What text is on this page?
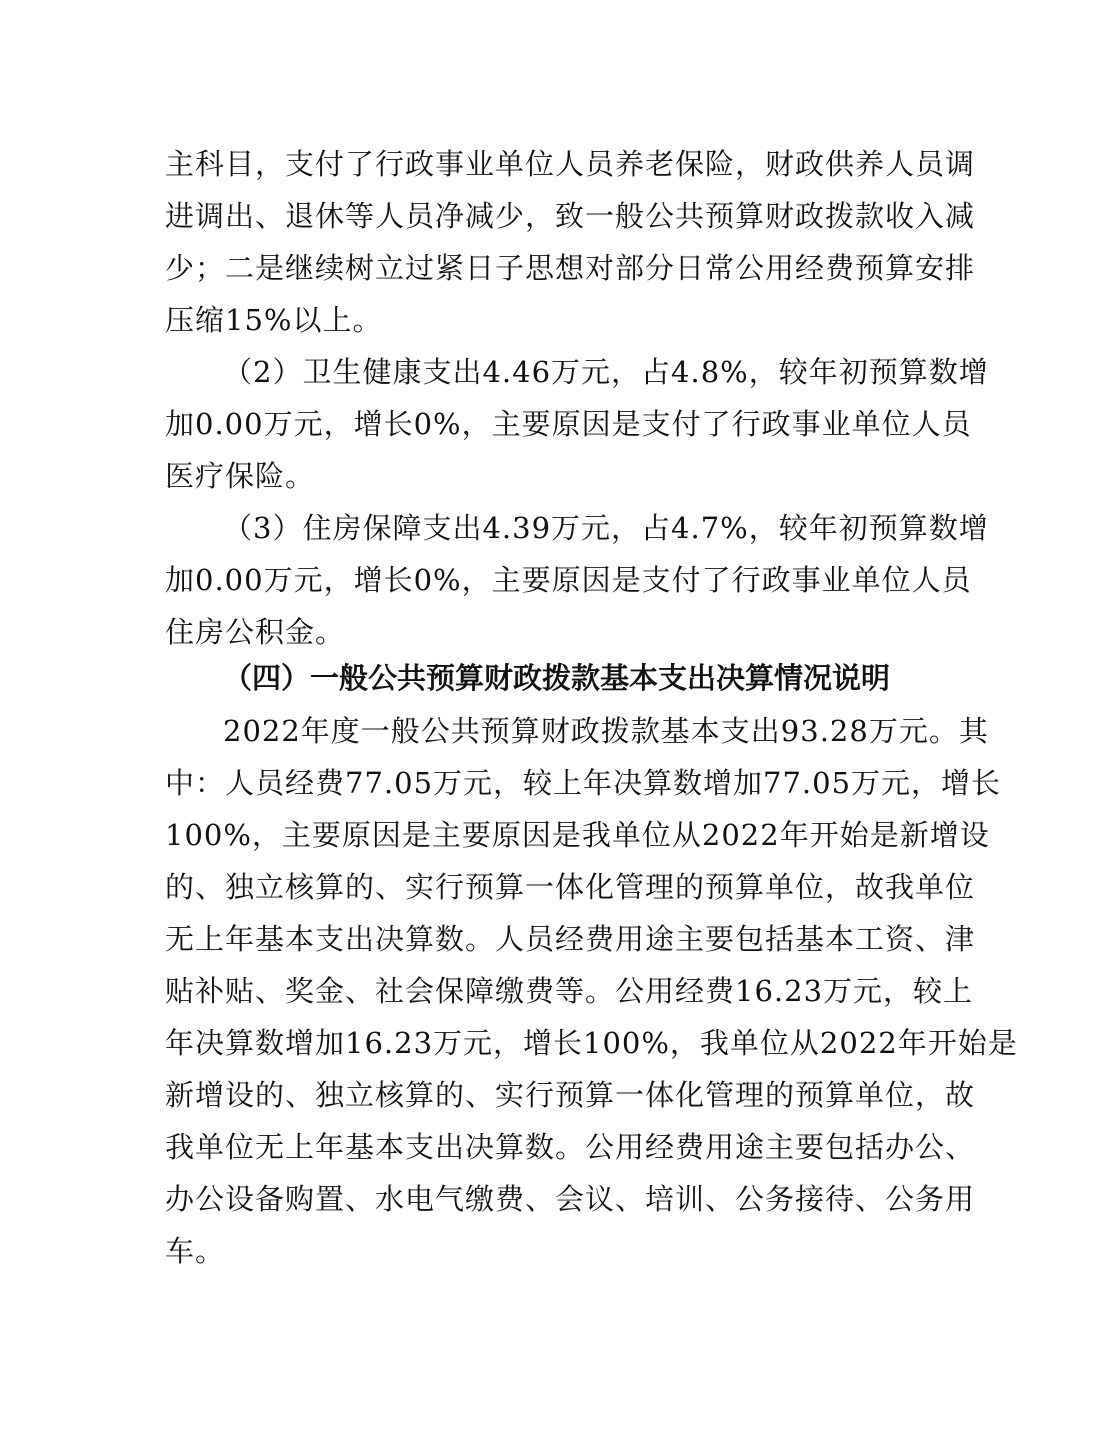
主科目，支付了行政事业单位人员养老保险，财政供养人员调
进调出、退休等人员净减少，致一般公共预算财政拨款收入减
少；二是继续树立过紧日子思想对部分日常公用经费预算安排
压缩15%以上。
（2）卫生健康支出4.46万元，占4.8%，较年初预算数增
加0.00万元，增长0%，主要原因是支付了行政事业单位人员
医疗保险。
（3）住房保障支出4.39万元，占4.7%，较年初预算数增
加0.00万元，增长0%，主要原因是支付了行政事业单位人员
住房公积金。
（四）一般公共预算财政拨款基本支出决算情况说明
2022年度一般公共预算财政拨款基本支出93.28万元。其
中：人员经费77.05万元，较上年决算数增加77.05万元，增长
100%，主要原因是主要原因是我单位从2022年开始是新增设
的、独立核算的、实行预算一体化管理的预算单位，故我单位
无上年基本支出决算数。人员经费用途主要包括基本工资、津
贴补贴、奖金、社会保障缴费等。公用经费16.23万元，较上
年决算数增加16.23万元，增长100%，我单位从2022年开始是
新增设的、独立核算的、实行预算一体化管理的预算单位，故
我单位无上年基本支出决算数。公用经费用途主要包括办公、
办公设备购置、水电气缴费、会议、培训、公务接待、公务用
车。
